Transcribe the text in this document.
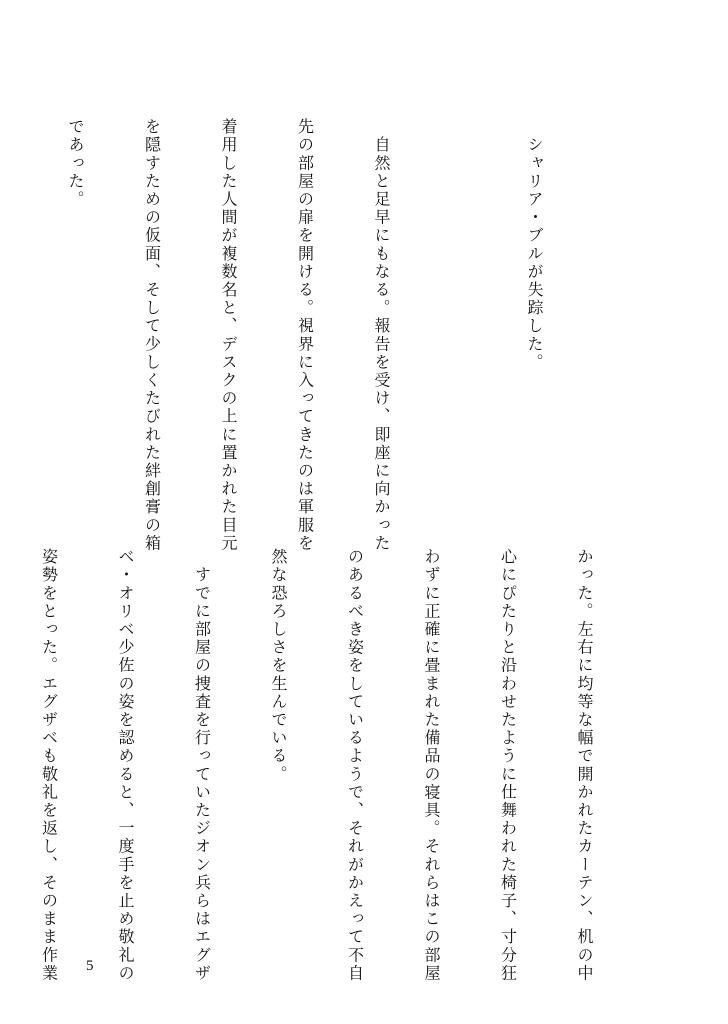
　シャリア・ブルが失踪した。

　自然と足早にもなる。報告を受け、即座に向かった

先の部屋の扉を開ける。視界に入ってきたのは軍服を

着用した人間が複数名と、デスクの上に置かれた目元

を隠すための仮面、そして少しくたびれた絆創膏の箱

であった。

かった。左右に均等な幅で開かれたカーテン、机の中

心にぴたりと沿わせたように仕舞われた椅子、寸分狂

わずに正確に畳まれた備品の寝具。それらはこの部屋

のあるべき姿をしているようで、それがかえって不自

然な恐ろしさを生んでいる。

　すでに部屋の捜査を行っていたジオン兵らはエグザ

ベ・オリベ少佐の姿を認めると、一度手を止め敬礼の

姿勢をとった。エグザベも敬礼を返し、そのまま作業

5
